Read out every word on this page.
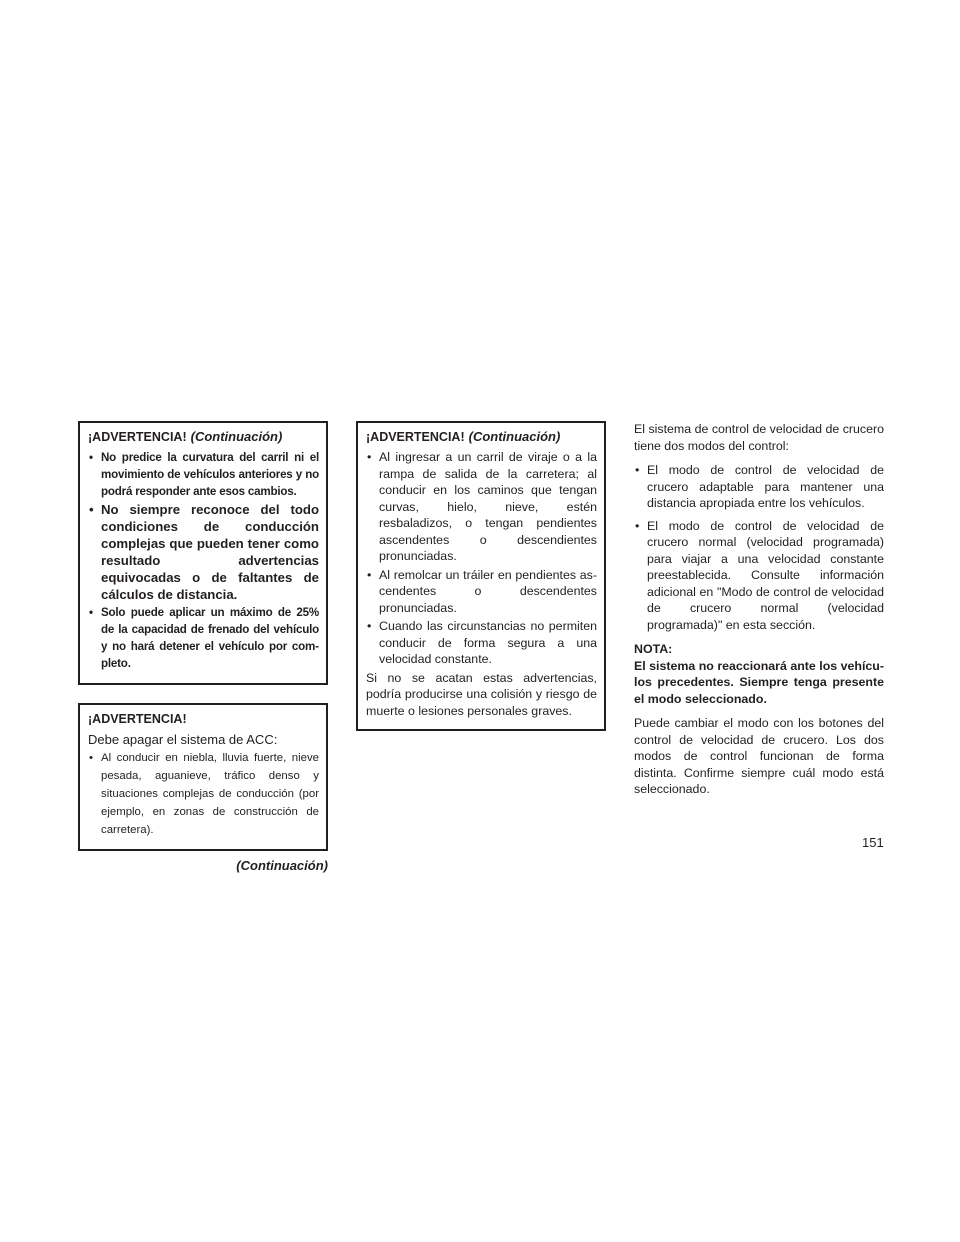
¡ADVERTENCIA! (Continuación)
• No predice la curvatura del carril ni el movimiento de vehículos anteriores y no podrá responder ante esos cambios.
• No siempre reconoce del todo condiciones de conducción complejas que pueden tener como resultado advertencias equivocadas o de faltantes de cálculos de distancia.
• Solo puede aplicar un máximo de 25% de la capacidad de frenado del vehículo y no hará detener el vehículo por completo.
¡ADVERTENCIA!
Debe apagar el sistema de ACC:
• Al conducir en niebla, lluvia fuerte, nieve pesada, aguanieve, tráfico denso y situaciones complejas de conducción (por ejemplo, en zonas de construcción de carretera).
(Continuación)
¡ADVERTENCIA! (Continuación)
• Al ingresar a un carril de viraje o a la rampa de salida de la carretera; al conducir en los caminos que tengan curvas, hielo, nieve, estén resbaladizos, o tengan pendientes ascendentes o descendientes pronunciadas.
• Al remolcar un tráiler en pendientes ascendentes o descendentes pronunciadas.
• Cuando las circunstancias no permiten conducir de forma segura a una velocidad constante.

Si no se acatan estas advertencias, podría producirse una colisión y riesgo de muerte o lesiones personales graves.

El sistema de control de velocidad de crucero tiene dos modos del control:

• El modo de control de velocidad de crucero adaptable para mantener una distancia apropiada entre los vehículos.
• El modo de control de velocidad de crucero normal (velocidad programada) para viajar a una velocidad constante preestablecida. Consulte información adicional en "Modo de control de velocidad de crucero normal (velocidad programada)" en esta sección.

NOTA:

El sistema no reaccionará ante los vehículos precedentes. Siempre tenga presente el modo seleccionado.

Puede cambiar el modo con los botones del control de velocidad de crucero. Los dos modos de control funcionan de forma distinta. Confirme siempre cuál modo está seleccionado.

151
